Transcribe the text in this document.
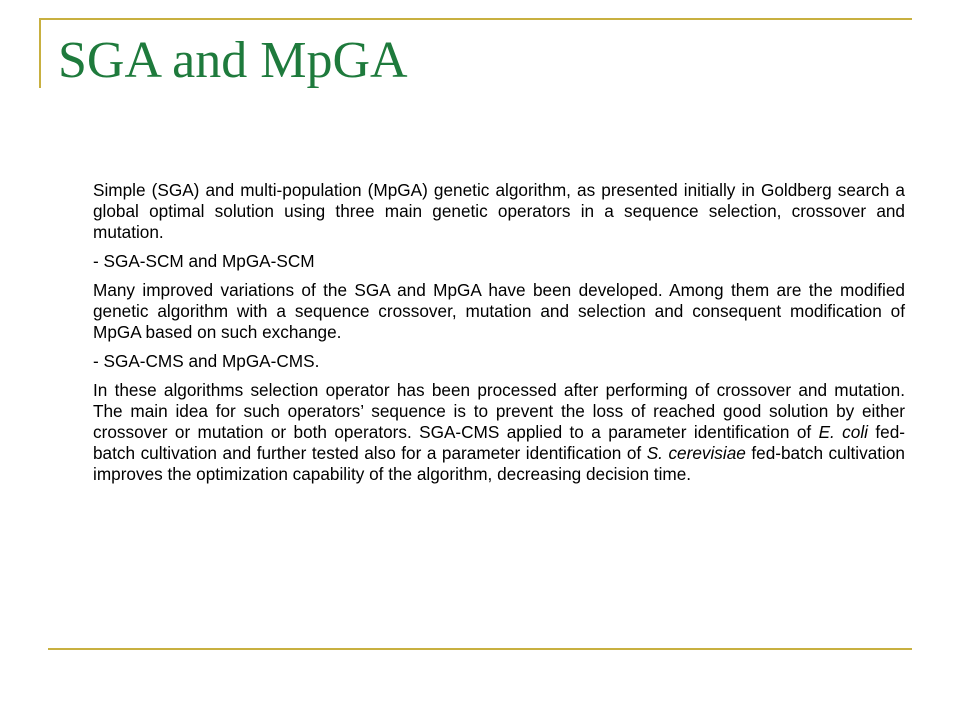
SGA and MpGA

Simple (SGA) and multi-population (MpGA) genetic algorithm, as presented initially in Goldberg search a global optimal solution using three main genetic operators in a sequence selection, crossover and mutation.

- SGA-SCM and MpGA-SCM

Many improved variations of the SGA and MpGA have been developed. Among them are the modified genetic algorithm with a sequence crossover, mutation and selection and consequent modification of MpGA based on such exchange.

- SGA-CMS and MpGA-CMS.

In these algorithms selection operator has been processed after performing of crossover and mutation. The main idea for such operators’ sequence is to prevent the loss of reached good solution by either crossover or mutation or both operators. SGA-CMS applied to a parameter identification of E. coli fed-batch cultivation and further tested also for a parameter identification of S. cerevisiae fed-batch cultivation improves the optimization capability of the algorithm, decreasing decision time.
